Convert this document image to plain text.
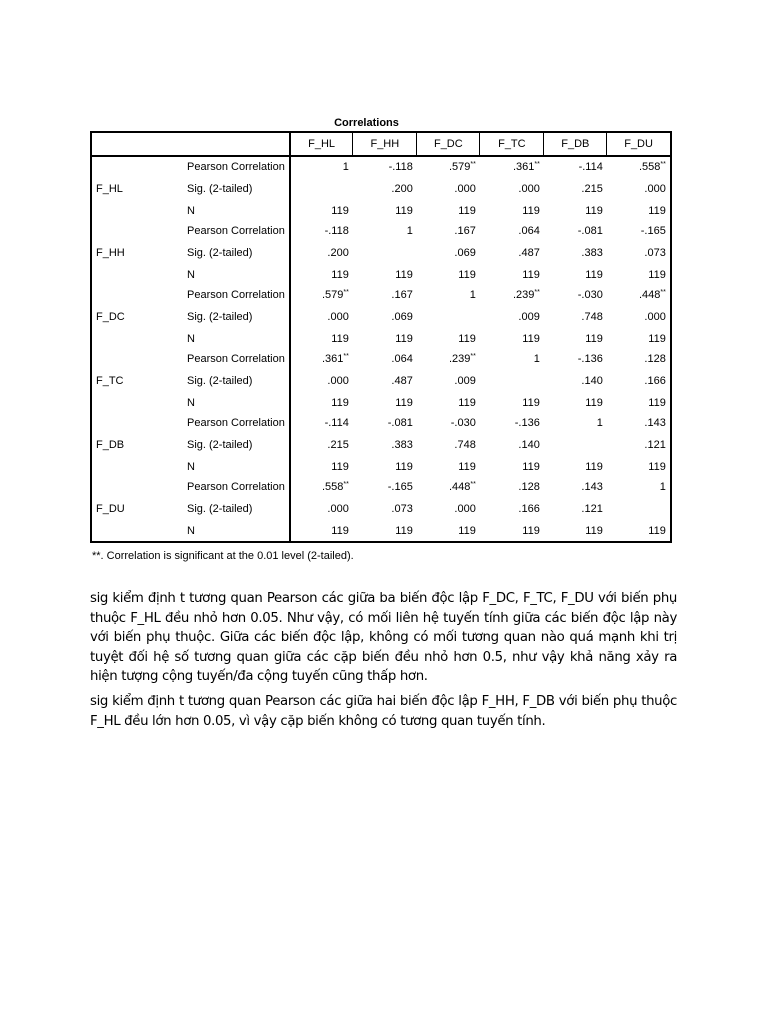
Correlations
		F_HL	F_HH	F_DC	F_TC	F_DB	F_DU
	Pearson Correlation	1	-.118	.579**	.361**	-.114	.558**
F_HL	Sig. (2-tailed)		.200	.000	.000	.215	.000
	N	119	119	119	119	119	119
	Pearson Correlation	-.118	1	.167	.064	-.081	-.165
F_HH	Sig. (2-tailed)	.200		.069	.487	.383	.073
	N	119	119	119	119	119	119
	Pearson Correlation	.579**	.167	1	.239**	-.030	.448**
F_DC	Sig. (2-tailed)	.000	.069		.009	.748	.000
	N	119	119	119	119	119	119
	Pearson Correlation	.361**	.064	.239**	1	-.136	.128
F_TC	Sig. (2-tailed)	.000	.487	.009		.140	.166
	N	119	119	119	119	119	119
	Pearson Correlation	-.114	-.081	-.030	-.136	1	.143
F_DB	Sig. (2-tailed)	.215	.383	.748	.140		.121
	N	119	119	119	119	119	119
	Pearson Correlation	.558**	-.165	.448**	.128	.143	1
F_DU	Sig. (2-tailed)	.000	.073	.000	.166	.121	
	N	119	119	119	119	119	119
**. Correlation is significant at the 0.01 level (2-tailed).

sig kiểm định t tương quan Pearson các giữa ba biến độc lập F_DC, F_TC, F_DU với biến phụ thuộc F_HL đều nhỏ hơn 0.05. Như vậy, có mối liên hệ tuyến tính giữa các biến độc lập này với biến phụ thuộc. Giữa các biến độc lập, không có mối tương quan nào quá mạnh khi trị tuyệt đối hệ số tương quan giữa các cặp biến đều nhỏ hơn 0.5, như vậy khả năng xảy ra hiện tượng cộng tuyến/đa cộng tuyến cũng thấp hơn.

sig kiểm định t tương quan Pearson các giữa hai biến độc lập F_HH, F_DB với biến phụ thuộc F_HL đều lớn hơn 0.05, vì vậy cặp biến không có tương quan tuyến tính.
